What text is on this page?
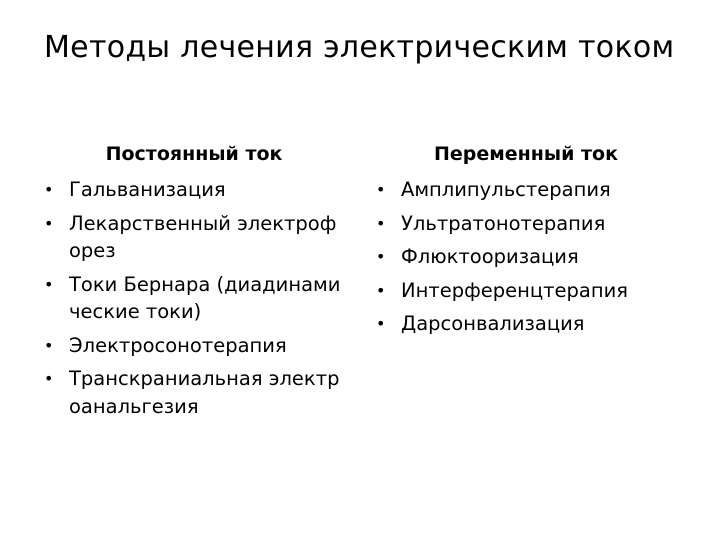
Методы лечения электрическим током
Постоянный ток
• Гальванизация
• Лекарственный электрофорез
• Токи Бернара (диадинамические токи)
• Электросонотерапия
• Транскраниальная электроанальгезия
Переменный ток
• Амплипульстерапия
• Ультратонотерапия
• Флюктооризация
• Интерференцтерапия
• Дарсонвализация
